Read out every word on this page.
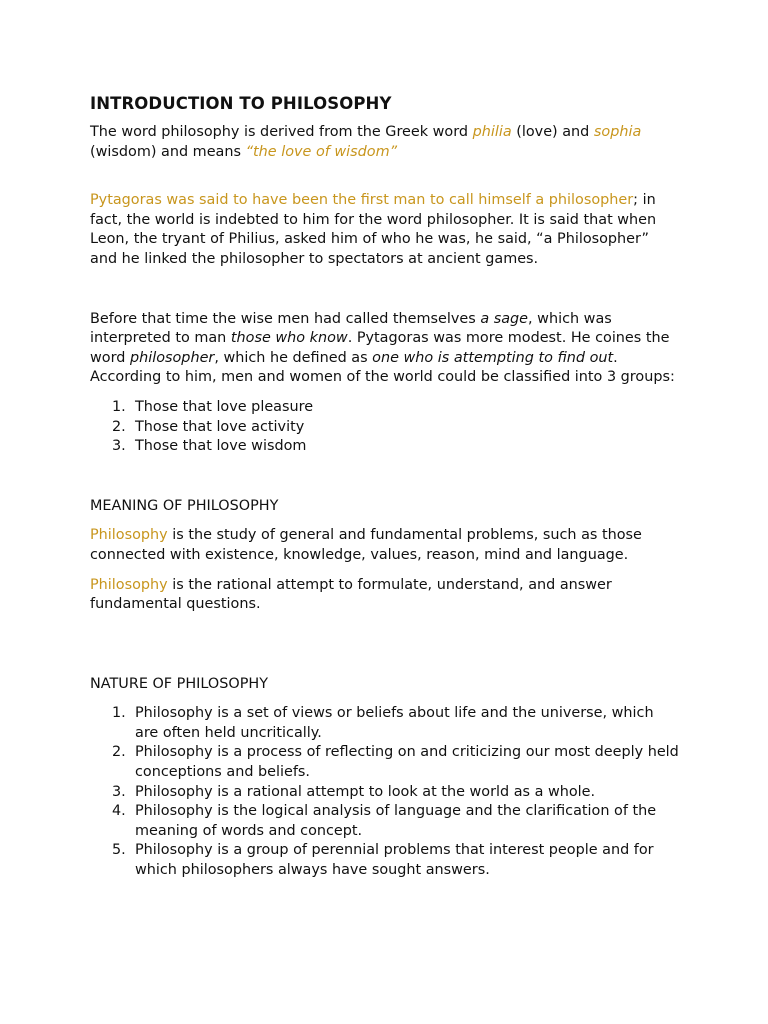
INTRODUCTION TO PHILOSOPHY

The word philosophy is derived from the Greek word philia (love) and sophia (wisdom) and means “the love of wisdom”

Pytagoras was said to have been the first man to call himself a philosopher; in fact, the world is indebted to him for the word philosopher. It is said that when Leon, the tryant of Philius, asked him of who he was, he said, “a Philosopher” and he linked the philosopher to spectators at ancient games.

Before that time the wise men had called themselves a sage, which was interpreted to man those who know. Pytagoras was more modest. He coines the word philosopher, which he defined as one who is attempting to find out. According to him, men and women of the world could be classified into 3 groups:

1. Those that love pleasure
2. Those that love activity
3. Those that love wisdom

MEANING OF PHILOSOPHY

Philosophy is the study of general and fundamental problems, such as those connected with existence, knowledge, values, reason, mind and language.

Philosophy is the rational attempt to formulate, understand, and answer fundamental questions.

NATURE OF PHILOSOPHY

1. Philosophy is a set of views or beliefs about life and the universe, which are often held uncritically.
2. Philosophy is a process of reflecting on and criticizing our most deeply held conceptions and beliefs.
3. Philosophy is a rational attempt to look at the world as a whole.
4. Philosophy is the logical analysis of language and the clarification of the meaning of words and concept.
5. Philosophy is a group of perennial problems that interest people and for which philosophers always have sought answers.
